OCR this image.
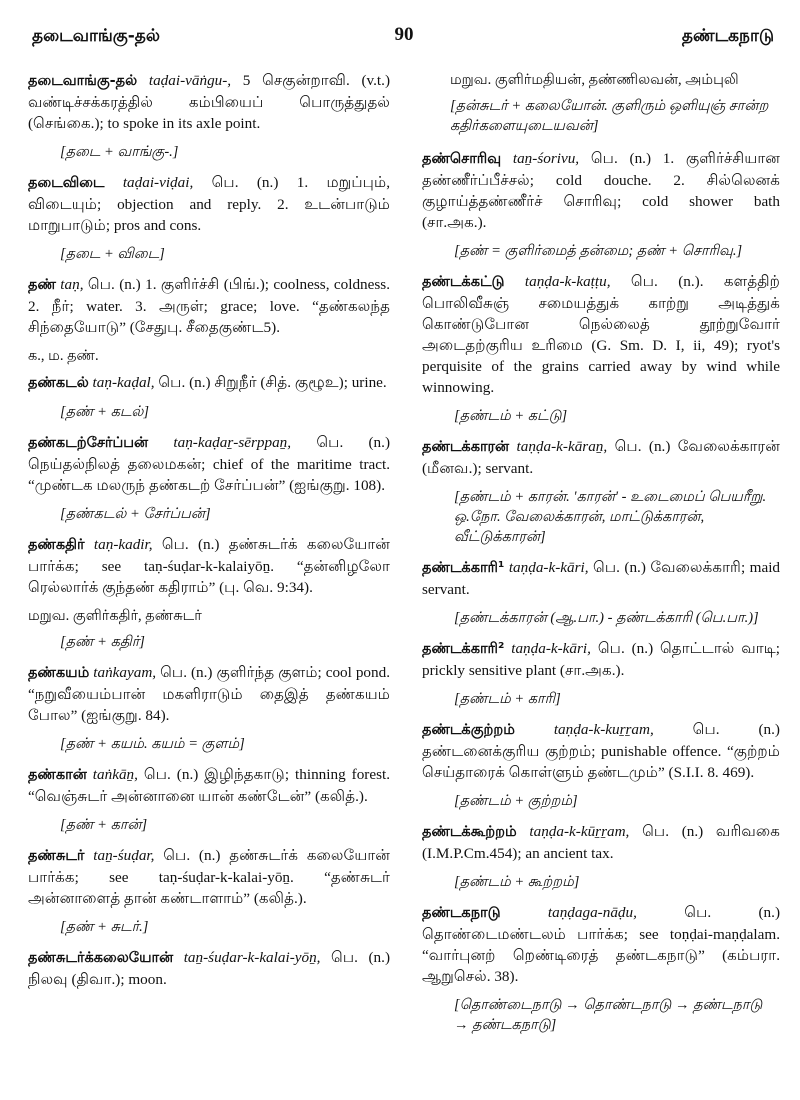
தடைவாங்கு-தல்	90	தண்டகநாடு
தடைவாங்கு-தல் taḍai-vāṅgu-, 5 செகுன்றாவி. (v.t.) வண்டிச்சக்கரத்தில் கம்பியைப் பொருத்துதல் (செங்கை.); to spoke in its axle point.
[தடை + வாங்கு-.]
தடைவிடை taḍai-viḍai, பெ. (n.) 1. மறுப்பும், விடையும்; objection and reply. 2. உடன்பாடும் மாறுபாடும்; pros and cons.
[தடை + விடை]
தண் taṇ, பெ. (n.) 1. குளிர்ச்சி (பிங்.); coolness, coldness. 2. நீர்; water. 3. அருள்; grace; love. “தண்கலந்த சிந்தையோடு” (சேதுபு. சீதைகுண்ட5).
க., ம. தண்.
தண்கடல் taṇ-kaḍal, பெ. (n.) சிறுநீர் (சித். குழூஉ); urine.
[தண் + கடல்]
தண்கடற்சேர்ப்பன் taṇ-kaḍaṟ-sērppaṉ, பெ. (n.) நெய்தல்நிலத் தலைமகன்; chief of the maritime tract. “முண்டக மலருந் தண்கடற் சேர்ப்பன்” (ஐங்குறு. 108).
[தண்கடல் + சேர்ப்பன்]
தண்கதிர் taṇ-kadir, பெ. (n.) தண்சுடர்க் கலையோன் பார்க்க; see taṇ-śuḍar-k-kalaiyōṉ. “தன்னிழலோ ரெல்லார்க் குந்தண் கதிராம்” (பு. வெ. 9:34).
மறுவ. குளிர்கதிர், தண்சுடர்
[தண் + கதிர்]
தண்கயம் taṅkayam, பெ. (n.) குளிர்ந்த குளம்; cool pond. “நறுவீயைம்பான் மகளிராடும் தைஇத் தண்கயம் போல” (ஐங்குறு. 84).
[தண் + கயம். கயம் = குளம்]
தண்கான் taṅkāṉ, பெ. (n.) இழிந்தகாடு; thinning forest. “வெஞ்சுடர் அன்னானை யான் கண்டேன்” (கலித்.).
[தண் + கான்]
தண்சுடர் taṉ-śuḍar, பெ. (n.) தண்சுடர்க் கலையோன் பார்க்க; see taṇ-śuḍar-k-kalai-yōṉ. “தண்சுடர் அன்னாளைத் தான் கண்டாளாம்” (கலித்.).
[தண் + சுடர்.]
தண்சுடர்க்கலையோன் taṉ-śuḍar-k-kalai-yōṉ, பெ. (n.) நிலவு (திவா.); moon.
மறுவ. குளிர்மதியன், தண்ணிலவன், அம்புலி
[தன்சுடர் + கலையோன். குளிரும் ஒளியுஞ் சான்ற கதிர்களையுடையவன்]
தண்சொரிவு taṉ-śorivu, பெ. (n.) 1. குளிர்ச்சியான தண்ணீர்ப்பீச்சல்; cold douche. 2. சில்லெனக் குழாய்த்தண்ணீர்ச் சொரிவு; cold shower bath (சா.அக.).
[தண் = குளிர்மைத் தன்மை; தண் + சொரிவு.]
தண்டக்கட்டு taṇḍa-k-kaṭṭu, பெ. (n.). களத்திற் பொலிவீசுஞ் சமையத்துக் காற்று அடித்துக் கொண்டுபோன நெல்லைத் தூற்றுவோர் அடைதற்குரிய உரிமை (G. Sm. D. I, ii, 49); ryot's perquisite of the grains carried away by wind while winnowing.
[தண்டம் + கட்டு]
தண்டக்காரன் taṇḍa-k-kāraṉ, பெ. (n.) வேலைக்காரன் (மீனவ.); servant.
[தண்டம் + காரன். 'காரன்' - உடைமைப் பெயரீறு. ஒ.நோ. வேலைக்காரன், மாட்டுக்காரன், வீட்டுக்காரன்]
தண்டக்காரி¹ taṇḍa-k-kāri, பெ. (n.) வேலைக்காரி; maid servant.
[தண்டக்காரன் (ஆ.பா.) - தண்டக்காரி (பெ.பா.)]
தண்டக்காரி² taṇḍa-k-kāri, பெ. (n.) தொட்டால் வாடி; prickly sensitive plant (சா.அக.).
[தண்டம் + காரி]
தண்டக்குற்றம்	taṇḍa-k-kuṟṟam,	பெ. (n.) தண்டனைக்குரிய குற்றம்; punishable offence. “குற்றம் செய்தாரைக் கொள்ளும் தண்டமும்” (S.I.I. 8. 469).
[தண்டம் + குற்றம்]
தண்டக்கூற்றம் taṇḍa-k-kūṟṟam, பெ. (n.) வரிவகை (I.M.P.Cm.454); an ancient tax.
[தண்டம் + கூற்றம்]
தண்டகநாடு	taṇḍaga-nāḍu,	பெ. (n.) தொண்டைமண்டலம் பார்க்க; see toṇḍai-maṇḍalam. “வார்புனற் றெண்டிரைத் தண்டகநாடு” (கம்பரா. ஆறுசெல். 38).
[தொண்டைநாடு → தொண்டநாடு → தண்டநாடு → தண்டகநாடு]
